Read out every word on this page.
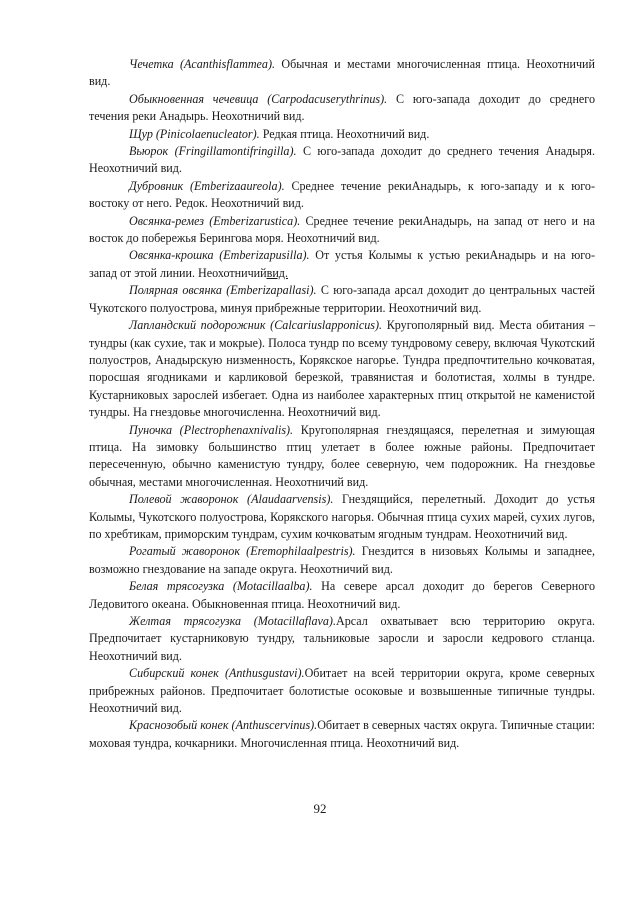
Чечетка (Acanthisflammea). Обычная и местами многочисленная птица. Неохотничий вид.

Обыкновенная чечевица (Carpodacuserythrinus). С юго-запада доходит до среднего течения реки Анадырь. Неохотничий вид.

Щур (Pinicolaenucleator). Редкая птица. Неохотничий вид.

Вьюрок (Fringillamontifringilla). С юго-запада доходит до среднего течения Анадыря. Неохотничий вид.

Дубровник (Emberizaaureola). Среднее течение рекиАнадырь, к юго-западу и к юго-востоку от него. Редок. Неохотничий вид.

Овсянка-ремез (Emberizarustica). Среднее течение рекиАнадырь, на запад от него и на восток до побережья Берингова моря. Неохотничий вид.

Овсянка-крошка (Emberizapusilla). От устья Колымы к устью рекиАнадырь и на юго-запад от этой линии. Неохотничийвид.

Полярная овсянка (Emberizapallasi). С юго-запада арсал доходит до центральных частей Чукотского полуострова, минуя прибрежные территории. Неохотничий вид.

Лапландский подорожник (Calcariuslapponicus). Кругополярный вид. Места обитания – тундры (как сухие, так и мокрые). Полоса тундр по всему тундровому северу, включая Чукотский полуостров, Анадырскую низменность, Корякское нагорье. Тундра предпочтительно кочковатая, поросшая ягодниками и карликовой березкой, травянистая и болотистая, холмы в тундре. Кустарниковых зарослей избегает. Одна из наиболее характерных птиц открытой не каменистой тундры. На гнездовье многочисленна. Неохотничий вид.

Пуночка (Plectrophenaxnivalis). Кругополярная гнездящаяся, перелетная и зимующая птица. На зимовку большинство птиц улетает в более южные районы. Предпочитает пересеченную, обычно каменистую тундру, более северную, чем подорожник. На гнездовье обычная, местами многочисленная. Неохотничий вид.

Полевой жаворонок (Alaudaarvensis). Гнездящийся, перелетный. Доходит до устья Колымы, Чукотского полуострова, Корякского нагорья. Обычная птица сухих марей, сухих лугов, по хребтикам, приморским тундрам, сухим кочковатым ягодным тундрам. Неохотничий вид.

Рогатый жаворонок (Eremophilaalpestris). Гнездится в низовьях Колымы и западнее, возможно гнездование на западе округа. Неохотничий вид.

Белая трясогузка (Motacillaalba). На севере арсал доходит до берегов Северного Ледовитого океана. Обыкновенная птица. Неохотничий вид.

Желтая трясогузка (Motacillaflava).Арсал охватывает всю территорию округа. Предпочитает кустарниковую тундру, тальниковые заросли и заросли кедрового стланца. Неохотничий вид.

Сибирский конек (Anthusgustavi).Обитает на всей территории округа, кроме северных прибрежных районов. Предпочитает болотистые осоковые и возвышенные типичные тундры. Неохотничий вид.

Краснозобый конек (Anthuscervinus).Обитает в северных частях округа. Типичные стации: моховая тундра, кочкарники. Многочисленная птица. Неохотничий вид.

92
